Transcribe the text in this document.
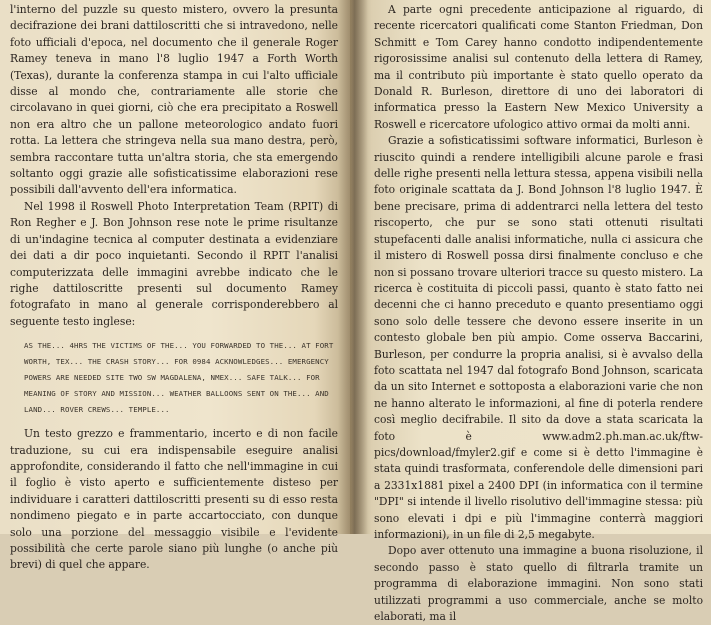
l'interno del puzzle su questo mistero, ovvero la presunta decifrazione dei brani dattiloscritti che si intravedono, nelle foto ufficiali d'epoca, nel documento che il generale Roger Ramey teneva in mano l'8 luglio 1947 a Forth Worth (Texas), durante la conferenza stampa in cui l'alto ufficiale disse al mondo che, contrariamente alle storie che circolavano in quei giorni, ciò che era precipitato a Roswell non era altro che un pallone meteorologico andato fuori rotta. La lettera che stringeva nella sua mano destra, però, sembra raccontare tutta un'altra storia, che sta emergendo soltanto oggi grazie alle sofisticatissime elaborazioni rese possibili dall'avvento dell'era informatica.

Nel 1998 il Roswell Photo Interpretation Team (RPIT) di Ron Regher e J. Bon Johnson rese note le prime risultanze di un'indagine tecnica al computer destinata a evidenziare dei dati a dir poco inquietanti. Secondo il RPIT l'analisi computerizzata delle immagini avrebbe indicato che le righe dattiloscritte presenti sul documento Ramey fotografato in mano al generale corrisponderebbero al seguente testo inglese:

AS THE... 4HRS THE VICTIMS OF THE... YOU FORWARDED TO THE... AT FORT WORTH, TEX... THE CRASH STORY... FOR 0984 ACKNOWLEDGES... EMERGENCY POWERS ARE NEEDED SITE TWO SW MAGDALENA, NMEX... SAFE TALK... FOR MEANING OF STORY AND MISSION... WEATHER BALLOONS SENT ON THE... AND LAND... ROVER CREWS... TEMPLE...

Un testo grezzo e frammentario, incerto e di non facile traduzione, su cui era indispensabile eseguire analisi approfondite, considerando il fatto che nell'immagine in cui il foglio è visto aperto e sufficientemente disteso per individuare i caratteri dattiloscritti presenti su di esso resta nondimeno piegato e in parte accartocciato, con dunque solo una porzione del messaggio visibile e l'evidente possibilità che certe parole siano più lunghe (o anche più brevi) di quel che appare.

A parte ogni precedente anticipazione al riguardo, di recente ricercatori qualificati come Stanton Friedman, Don Schmitt e Tom Carey hanno condotto indipendentemente rigorosissime analisi sul contenuto della lettera di Ramey, ma il contributo più importante è stato quello operato da Donald R. Burleson, direttore di uno dei laboratori di informatica presso la Eastern New Mexico University a Roswell e ricercatore ufologico attivo ormai da molti anni.

Grazie a sofisticatissimi software informatici, Burleson è riuscito quindi a rendere intelligibili alcune parole e frasi delle righe presenti nella lettura stessa, appena visibili nella foto originale scattata da J. Bond Johnson l'8 luglio 1947. È bene precisare, prima di addentrarci nella lettera del testo riscoperto, che pur se sono stati ottenuti risultati stupefacenti dalle analisi informatiche, nulla ci assicura che il mistero di Roswell possa dirsi finalmente concluso e che non si possano trovare ulteriori tracce su questo mistero. La ricerca è costituita di piccoli passi, quanto è stato fatto nei decenni che ci hanno preceduto e quanto presentiamo oggi sono solo delle tessere che devono essere inserite in un contesto globale ben più ampio. Come osserva Baccarini, Burleson, per condurre la propria analisi, si è avvalso della foto scattata nel 1947 dal fotografo Bond Johnson, scaricata da un sito Internet e sottoposta a elaborazioni varie che non ne hanno alterato le informazioni, al fine di poterla rendere così meglio decifrabile. Il sito da dove a stata scaricata la foto è www.adm2.ph.man.ac.uk/ftw-pics/download/fmyler2.gif e come si è detto l'immagine è stata quindi trasformata, conferendole delle dimensioni pari a 2331x1881 pixel a 2400 DPI (in informatica con il termine "DPI" si intende il livello risolutivo dell'immagine stessa: più sono elevati i dpi e più l'immagine conterrà maggiori informazioni), in un file di 2,5 megabyte.

Dopo aver ottenuto una immagine a buona risoluzione, il secondo passo è stato quello di filtrarla tramite un programma di elaborazione immagini. Non sono stati utilizzati programmi a uso commerciale, anche se molto elaborati, ma il
